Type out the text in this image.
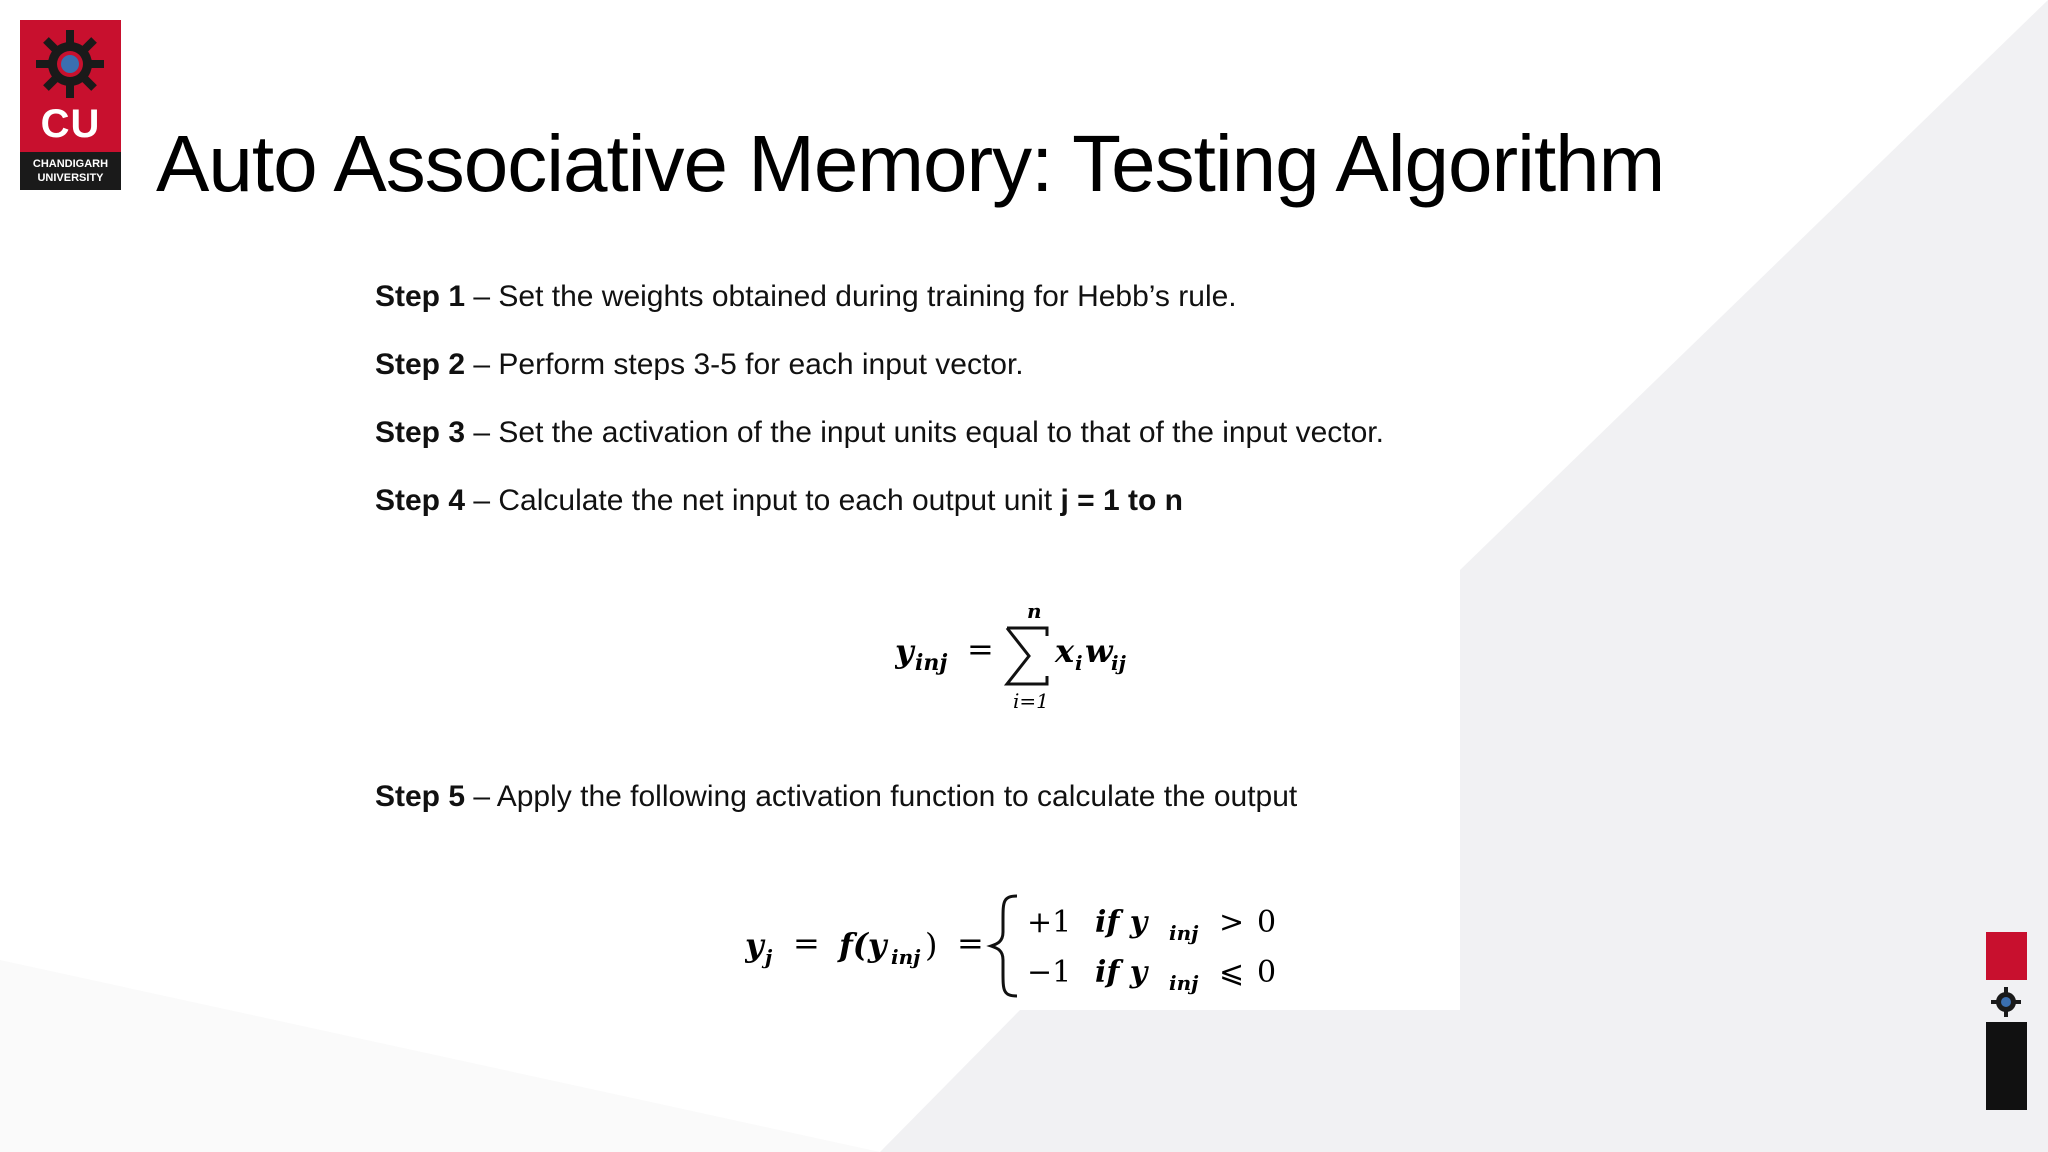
CU
CHANDIGARH
UNIVERSITY Auto Associative Memory: Testing Algorithm
Step 1 – Set the weights obtained during training for Hebb’s rule.
Step 2 – Perform steps 3-5 for each input vector.
Step 3 – Set the activation of the input units equal to that of the input vector.
Step 4 – Calculate the net input to each output unit j = 1 to n
y inj =
n
i=1
x i w
ij
Step 5 – Apply the following activation function to calculate the output
y j = f(y inj ) =
+1 if y inj > 0
−1 if y inj ⩽ 0
